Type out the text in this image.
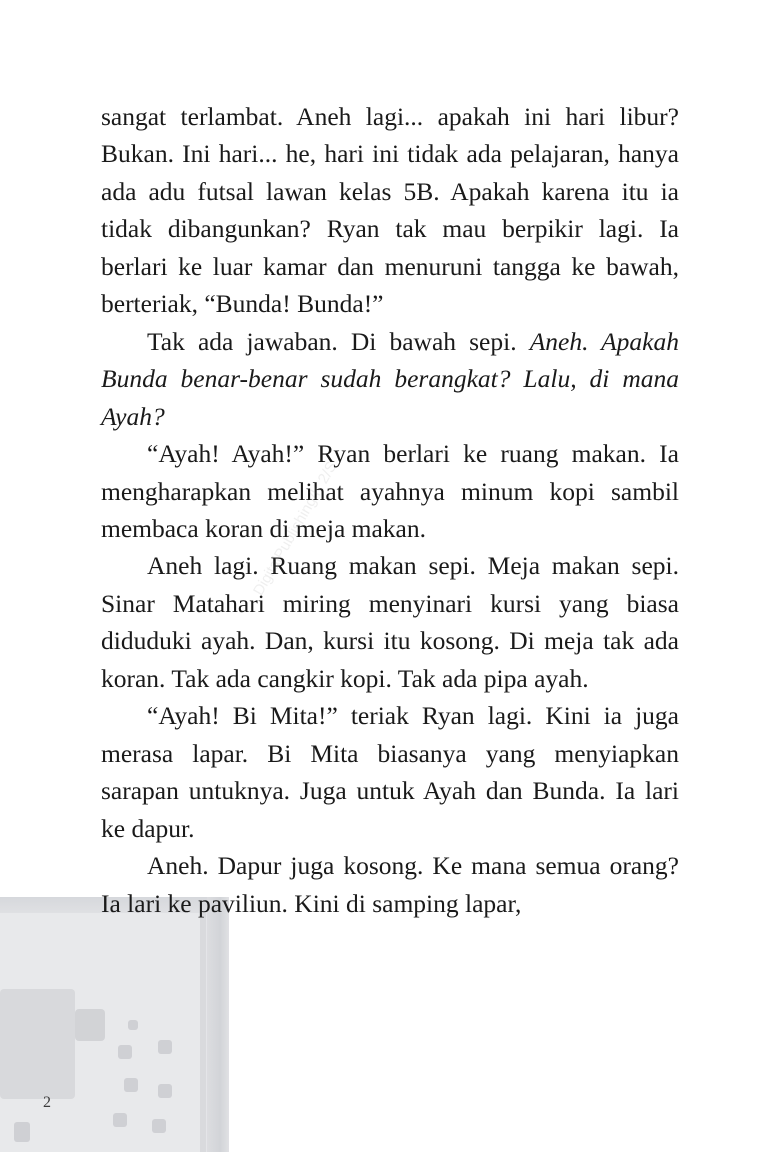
2
DigitalPublishing/K 2/S

sangat terlambat. Aneh lagi... apakah ini hari libur? Bukan. Ini hari... he, hari ini tidak ada pelajaran, hanya ada adu futsal lawan kelas 5B. Apakah karena itu ia tidak dibangunkan? Ryan tak mau berpikir lagi. Ia berlari ke luar kamar dan menuruni tangga ke bawah, berteriak, “Bunda! Bunda!”

Tak ada jawaban. Di bawah sepi. Aneh. Apakah Bunda benar-benar sudah berangkat? Lalu, di mana Ayah?

“Ayah! Ayah!” Ryan berlari ke ruang makan. Ia mengharapkan melihat ayahnya minum kopi sambil membaca koran di meja makan.

Aneh lagi. Ruang makan sepi. Meja makan sepi. Sinar Matahari miring menyinari kursi yang biasa diduduki ayah. Dan, kursi itu kosong. Di meja tak ada koran. Tak ada cangkir kopi. Tak ada pipa ayah.

“Ayah! Bi Mita!” teriak Ryan lagi. Kini ia juga merasa lapar. Bi Mita biasanya yang menyiapkan sarapan untuknya. Juga untuk Ayah dan Bunda. Ia lari ke dapur.

Aneh. Dapur juga kosong. Ke mana semua orang? Ia lari ke paviliun. Kini di samping lapar,
